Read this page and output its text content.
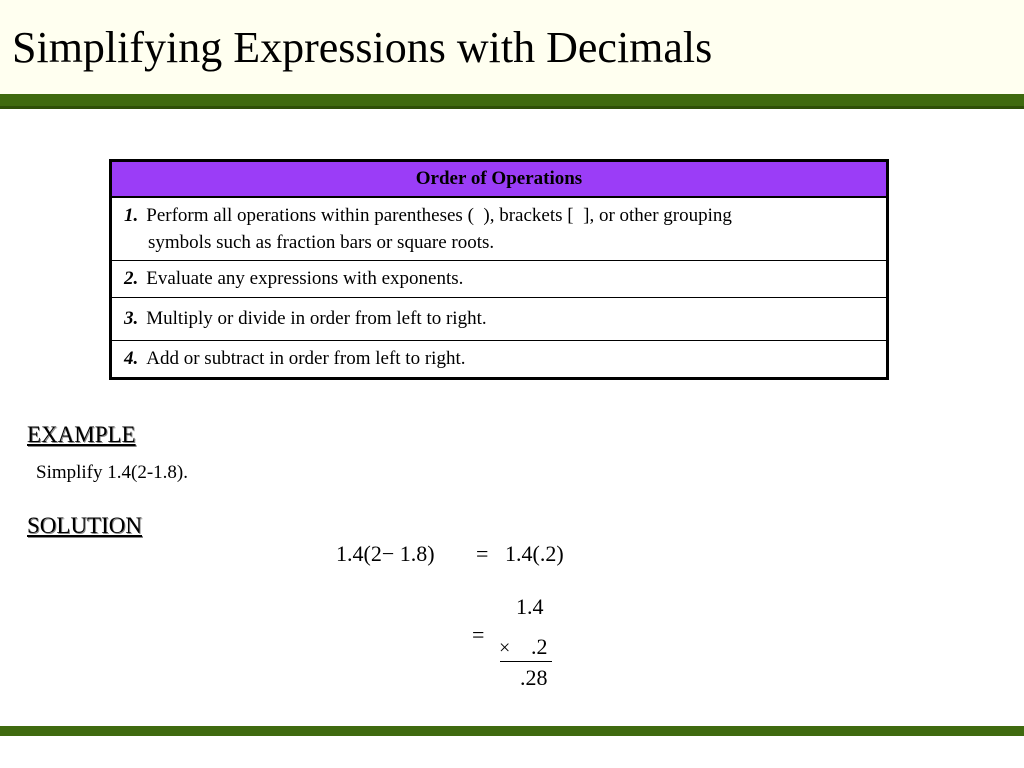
Simplifying Expressions with Decimals
Order of Operations
1. Perform all operations within parentheses (  ), brackets [  ], or other grouping
symbols such as fraction bars or square roots.

2. Evaluate any expressions with exponents.
3. Multiply or divide in order from left to right.
4. Add or subtract in order from left to right.
EXAMPLE
Simplify 1.4(2-1.8).
SOLUTION
1.4(2− 1.8) = 1.4(.2)
1.4
=
× .2
.28
